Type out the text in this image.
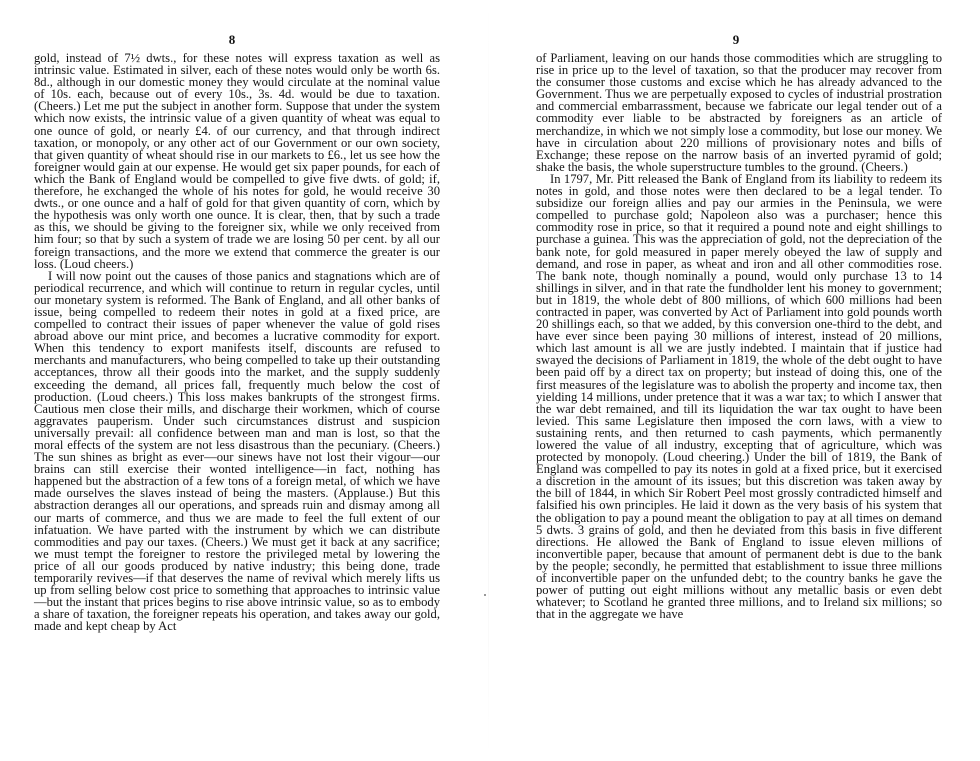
8

gold, instead of 7½ dwts., for these notes will express taxation as well as intrinsic value. Estimated in silver, each of these notes would only be worth 6s. 8d., although in our domestic money they would circulate at the nominal value of 10s. each, because out of every 10s., 3s. 4d. would be due to taxation. (Cheers.) Let me put the subject in another form. Suppose that under the system which now exists, the intrinsic value of a given quantity of wheat was equal to one ounce of gold, or nearly £4. of our currency, and that through indirect taxation, or monopoly, or any other act of our Government or our own society, that given quantity of wheat should rise in our markets to £6., let us see how the foreigner would gain at our expense. He would get six paper pounds, for each of which the Bank of England would be compelled to give five dwts. of gold; if, therefore, he exchanged the whole of his notes for gold, he would receive 30 dwts., or one ounce and a half of gold for that given quantity of corn, which by the hypothesis was only worth one ounce. It is clear, then, that by such a trade as this, we should be giving to the foreigner six, while we only received from him four; so that by such a system of trade we are losing 50 per cent. by all our foreign transactions, and the more we extend that commerce the greater is our loss. (Loud cheers.)

I will now point out the causes of those panics and stagnations which are of periodical recurrence, and which will continue to return in regular cycles, until our monetary system is reformed. The Bank of England, and all other banks of issue, being compelled to redeem their notes in gold at a fixed price, are compelled to contract their issues of paper whenever the value of gold rises abroad above our mint price, and becomes a lucrative commodity for export. When this tendency to export manifests itself, discounts are refused to merchants and manufacturers, who being compelled to take up their outstanding acceptances, throw all their goods into the market, and the supply suddenly exceeding the demand, all prices fall, frequently much below the cost of production. (Loud cheers.) This loss makes bankrupts of the strongest firms. Cautious men close their mills, and discharge their workmen, which of course aggravates pauperism. Under such circumstances distrust and suspicion universally prevail: all confidence between man and man is lost, so that the moral effects of the system are not less disastrous than the pecuniary. (Cheers.) The sun shines as bright as ever—our sinews have not lost their vigour—our brains can still exercise their wonted intelligence—in fact, nothing has happened but the abstraction of a few tons of a foreign metal, of which we have made ourselves the slaves instead of being the masters. (Applause.) But this abstraction deranges all our operations, and spreads ruin and dismay among all our marts of commerce, and thus we are made to feel the full extent of our infatuation. We have parted with the instrument by which we can distribute commodities and pay our taxes. (Cheers.) We must get it back at any sacrifice; we must tempt the foreigner to restore the privileged metal by lowering the price of all our goods produced by native industry; this being done, trade temporarily revives—if that deserves the name of revival which merely lifts us up from selling below cost price to something that approaches to intrinsic value—but the instant that prices begins to rise above intrinsic value, so as to embody a share of taxation, the foreigner repeats his operation, and takes away our gold, made and kept cheap by Act

9

of Parliament, leaving on our hands those commodities which are struggling to rise in price up to the level of taxation, so that the producer may recover from the consumer those customs and excise which he has already advanced to the Government. Thus we are perpetually exposed to cycles of industrial prostration and commercial embarrassment, because we fabricate our legal tender out of a commodity ever liable to be abstracted by foreigners as an article of merchandize, in which we not simply lose a commodity, but lose our money. We have in circulation about 220 millions of provisionary notes and bills of Exchange; these repose on the narrow basis of an inverted pyramid of gold; shake the basis, the whole superstructure tumbles to the ground. (Cheers.)

In 1797, Mr. Pitt released the Bank of England from its liability to redeem its notes in gold, and those notes were then declared to be a legal tender. To subsidize our foreign allies and pay our armies in the Peninsula, we were compelled to purchase gold; Napoleon also was a purchaser; hence this commodity rose in price, so that it required a pound note and eight shillings to purchase a guinea. This was the appreciation of gold, not the depreciation of the bank note, for gold measured in paper merely obeyed the law of supply and demand, and rose in paper, as wheat and iron and all other commodities rose. The bank note, though nominally a pound, would only purchase 13 to 14 shillings in silver, and in that rate the fundholder lent his money to government; but in 1819, the whole debt of 800 millions, of which 600 millions had been contracted in paper, was converted by Act of Parliament into gold pounds worth 20 shillings each, so that we added, by this conversion one-third to the debt, and have ever since been paying 30 millions of interest, instead of 20 millions, which last amount is all we are justly indebted. I maintain that if justice had swayed the decisions of Parliament in 1819, the whole of the debt ought to have been paid off by a direct tax on property; but instead of doing this, one of the first measures of the legislature was to abolish the property and income tax, then yielding 14 millions, under pretence that it was a war tax; to which I answer that the war debt remained, and till its liquidation the war tax ought to have been levied. This same Legislature then imposed the corn laws, with a view to sustaining rents, and then returned to cash payments, which permanently lowered the value of all industry, excepting that of agriculture, which was protected by monopoly. (Loud cheering.) Under the bill of 1819, the Bank of England was compelled to pay its notes in gold at a fixed price, but it exercised a discretion in the amount of its issues; but this discretion was taken away by the bill of 1844, in which Sir Robert Peel most grossly contradicted himself and falsified his own principles. He laid it down as the very basis of his system that the obligation to pay a pound meant the obligation to pay at all times on demand 5 dwts. 3 grains of gold, and then he deviated from this basis in five different directions. He allowed the Bank of England to issue eleven millions of inconvertible paper, because that amount of permanent debt is due to the bank by the people; secondly, he permitted that establishment to issue three millions of inconvertible paper on the unfunded debt; to the country banks he gave the power of putting out eight millions without any metallic basis or even debt whatever; to Scotland he granted three millions, and to Ireland six millions; so that in the aggregate we have
